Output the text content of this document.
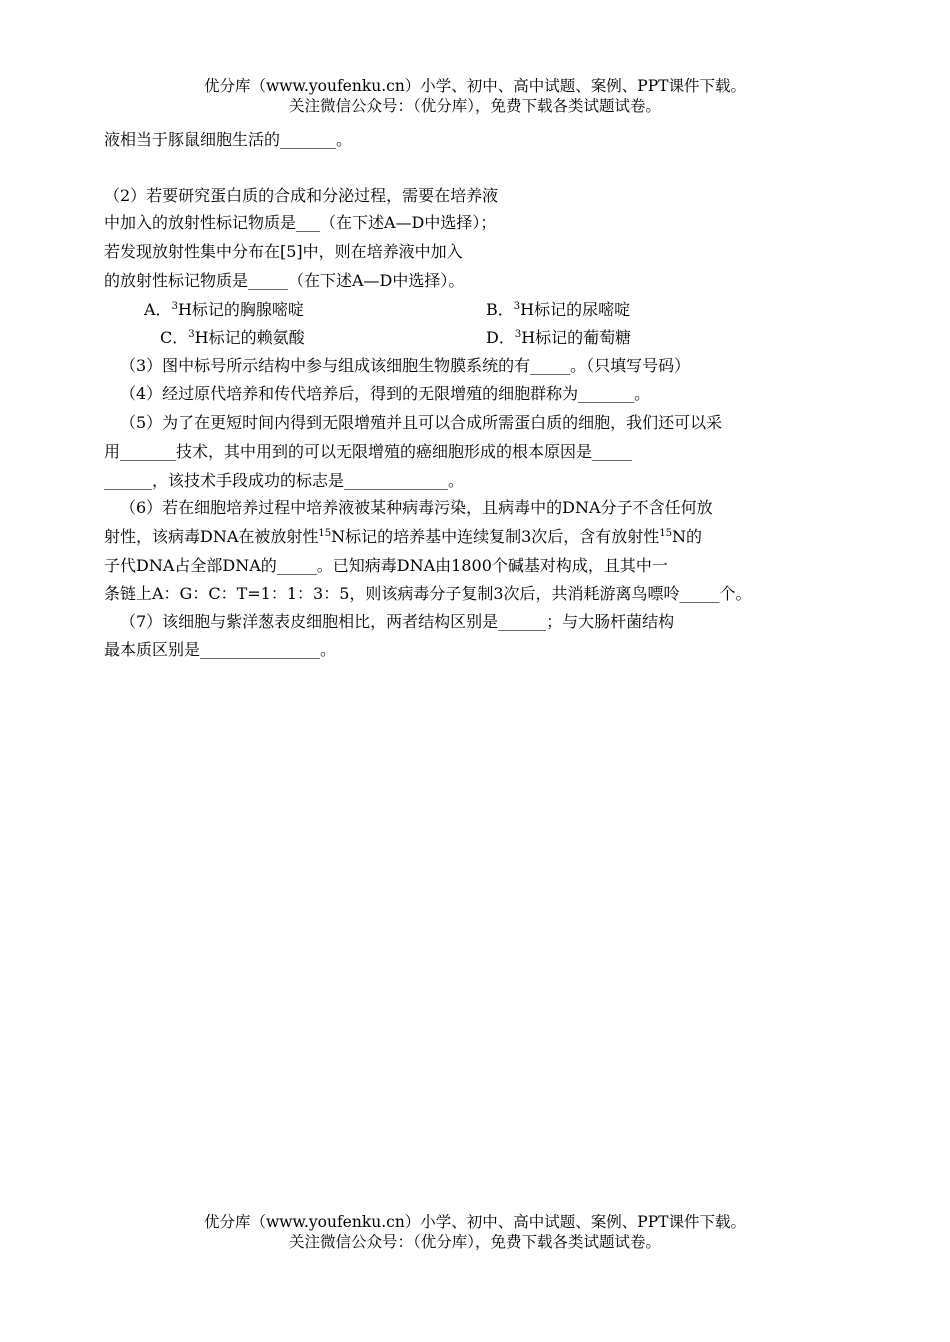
优分库（www.youfenku.cn）小学、初中、高中试题、案例、PPT课件下载。
关注微信公众号：（优分库），免费下载各类试题试卷。
液相当于豚鼠细胞生活的_______。
（2）若要研究蛋白质的合成和分泌过程，需要在培养液
中加入的放射性标记物质是___（在下述A—D中选择）；
若发现放射性集中分布在[5]中，则在培养液中加入
的放射性标记物质是_____（在下述A—D中选择）。
A．$^3$H标记的胸腺嘧啶	B．$^3$H标记的尿嘧啶
C．$^3$H标记的赖氨酸	D．$^3$H标记的葡萄糖
（3）图中标号所示结构中参与组成该细胞生物膜系统的有_____。（只填写号码）
（4）经过原代培养和传代培养后，得到的无限增殖的细胞群称为_______。
（5）为了在更短时间内得到无限增殖并且可以合成所需蛋白质的细胞，我们还可以采
用_______技术，其中用到的可以无限增殖的癌细胞形成的根本原因是_____
______，该技术手段成功的标志是_____________。
（6）若在细胞培养过程中培养液被某种病毒污染，且病毒中的DNA分子不含任何放
射性，该病毒DNA在被放射性$^{15}$N标记的培养基中连续复制3次后，含有放射性$^{15}$N的
子代DNA占全部DNA的_____。已知病毒DNA由1800个碱基对构成，且其中一
条链上A：G：C：T=1：1：3：5，则该病毒分子复制3次后，共消耗游离鸟嘌呤_____个。
（7）该细胞与紫洋葱表皮细胞相比，两者结构区别是______；与大肠杆菌结构
最本质区别是_______________。
优分库（www.youfenku.cn）小学、初中、高中试题、案例、PPT课件下载。
关注微信公众号：（优分库），免费下载各类试题试卷。
